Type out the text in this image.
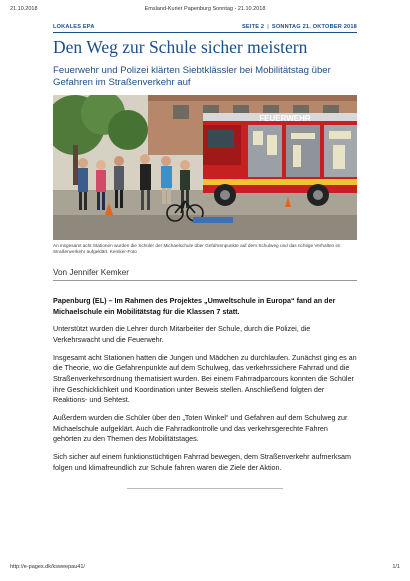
21.10.2018	Emsland-Kurier Papenburg Sonntag - 21.10.2018
LOKALES EPA	SEITE 2 | SONNTAG 21. OKTOBER 2018
Den Weg zur Schule sicher meistern
Feuerwehr und Polizei klärten Siebtklässler bei Mobilitätstag über Gefahren im Straßenverkehr auf
FEUERWEHR
An insgesamt acht Stationen wurden die Schüler der Michaelschule über Gefahrenpunkte auf dem Schulweg und das richtige Verhalten im Straßenverkehr aufgeklärt. Kemker-Foto
Von Jennifer Kemker

Papenburg (EL) – Im Rahmen des Projektes „Umweltschule in Europa“ fand an der Michaelschule ein Mobilitätstag für die Klassen 7 statt.

Unterstützt wurden die Lehrer durch Mitarbeiter der Schule, durch die Polizei, die Verkehrswacht und die Feuerwehr.

Insgesamt acht Stationen hatten die Jungen und Mädchen zu durchlaufen. Zunächst ging es an die Theorie, wo die Gefahrenpunkte auf dem Schulweg, das verkehrssichere Fahrrad und die Straßenverkehrsordnung thematisiert wurden. Bei einem Fahrradparcours konnten die Schüler ihre Geschicklichkeit und Koordination unter Beweis stellen. Anschließend folgten der Reaktions- und Sehtest.

Außerdem wurden die Schüler über den „Toten Winkel“ und Gefahren auf dem Schulweg zur Michaelschule aufgeklärt. Auch die Fahrradkontrolle und das verkehrsgerechte Fahren gehörten zu den Themen des Mobilitätstages.

Sich sicher auf einem funktionstüchtigen Fahrrad bewegen, dem Straßenverkehr aufmerksam folgen und klimafreundlich zur Schule fahren waren die Ziele der Aktion.

http://e-pages.dk/ksweepau41/	1/1
